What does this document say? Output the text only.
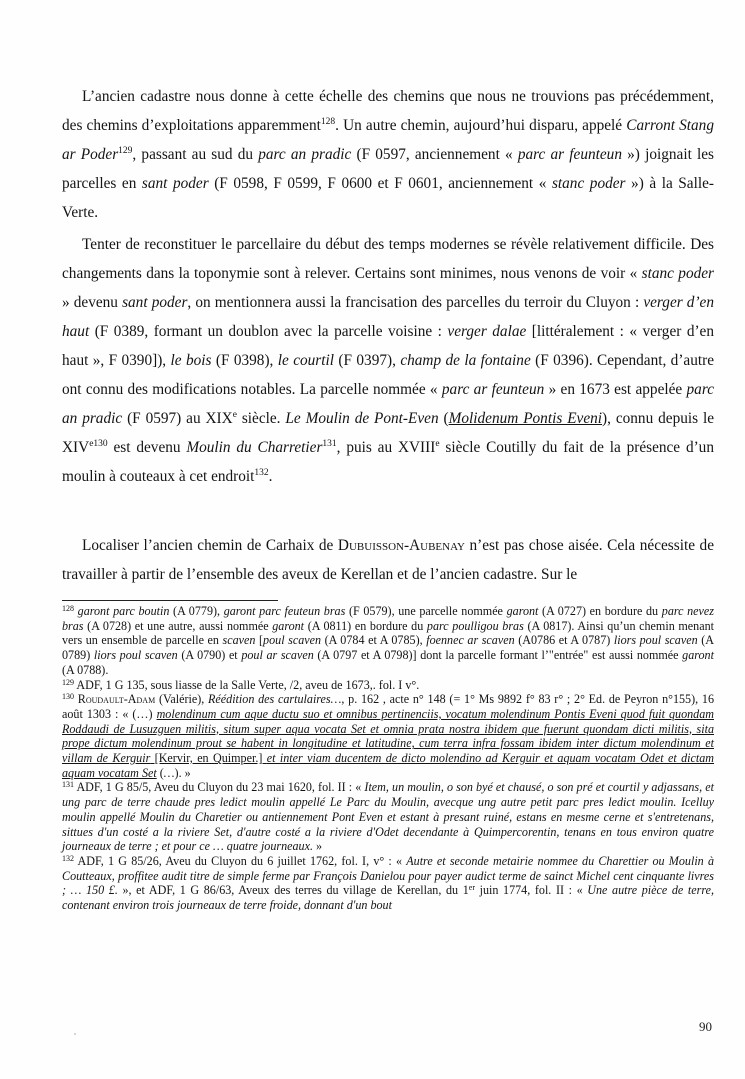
L’ancien cadastre nous donne à cette échelle des chemins que nous ne trouvions pas précédemment, des chemins d’exploitations apparemment$^{128}$. Un autre chemin, aujourd’hui disparu, appelé Carront Stang ar Poder$^{129}$, passant au sud du parc an pradic (F 0597, anciennement « parc ar feunteun ») joignait les parcelles en sant poder (F 0598, F 0599, F 0600 et F 0601, anciennement « stanc poder ») à la Salle-Verte.

Tenter de reconstituer le parcellaire du début des temps modernes se révèle relativement difficile. Des changements dans la toponymie sont à relever. Certains sont minimes, nous venons de voir « stanc poder » devenu sant poder, on mentionnera aussi la francisation des parcelles du terroir du Cluyon : verger d’en haut (F 0389, formant un doublon avec la parcelle voisine : verger dalae [littéralement : « verger d’en haut », F 0390]), le bois (F 0398), le courtil (F 0397), champ de la fontaine (F 0396). Cependant, d’autre ont connu des modifications notables. La parcelle nommée « parc ar feunteun » en 1673 est appelée parc an pradic (F 0597) au XIXe siècle. Le Moulin de Pont-Even (Molidenum Pontis Eveni), connu depuis le $XIV^{e130}$ est devenu Moulin du Charretier$^{131}$, puis au XVIIIe siècle Coutilly du fait de la présence d’un moulin à couteaux à cet endroit$^{132}$.

Localiser l’ancien chemin de Carhaix de Dubuisson-Aubenay n’est pas chose aisée. Cela nécessite de travailler à partir de l’ensemble des aveux de Kerellan et de l’ancien cadastre. Sur le

$^{128}$ garont parc boutin (A 0779), garont parc feuteun bras (F 0579), une parcelle nommée garont (A 0727) en bordure du parc nevez bras (A 0728) et une autre, aussi nommée garont (A 0811) en bordure du parc poulligou bras (A 0817). Ainsi qu’un chemin menant vers un ensemble de parcelle en scaven [poul scaven (A 0784 et A 0785), foennec ar scaven (A0786 et A 0787) liors poul scaven (A 0789) liors poul scaven (A 0790) et poul ar scaven (A 0797 et A 0798)] dont la parcelle formant l’"entrée" est aussi nommée garont (A 0788).

$^{129}$ ADF, 1 G 135, sous liasse de la Salle Verte, /2, aveu de 1673,. fol. I v°.

$^{130}$ Roudault-Adam (Valérie), Réédition des cartulaires…, p. 162 , acte n° 148 (= 1° Ms 9892 f° 83 r° ; 2° Ed. de Peyron n°155), 16 août 1303 : « (…) molendinum cum aque ductu suo et omnibus pertinenciis, vocatum molendinum Pontis Eveni quod fuit quondam Roddaudi de Lusuzguen militis, situm super aqua vocata Set et omnia prata nostra ibidem que fuerunt quondam dicti militis, sita prope dictum molendinum prout se habent in longitudine et latitudine, cum terra infra fossam ibidem inter dictum molendinum et villam de Kerguir [Kervir, en Quimper.] et inter viam ducentem de dicto molendino ad Kerguir et aquam vocatam Odet et dictam aquam vocatam Set (…). »

$^{131}$ ADF, 1 G 85/5, Aveu du Cluyon du 23 mai 1620, fol. II : « Item, un moulin, o son byé et chausé, o son pré et courtil y adjassans, et ung parc de terre chaude pres ledict moulin appellé Le Parc du Moulin, avecque ung autre petit parc pres ledict moulin. Icelluy moulin appellé Moulin du Charetier ou antiennement Pont Even et estant à presant ruiné, estans en mesme cerne et s'entretenans, sittues d'un costé a la riviere Set, d'autre costé a la riviere d'Odet decendante à Quimpercorentin, tenans en tous environ quatre journeaux de terre ; et pour ce … quatre journeaux. »

$^{132}$ ADF, 1 G 85/26, Aveu du Cluyon du 6 juillet 1762, fol. I, v° : « Autre et seconde metairie nommee du Charettier ou Moulin à Coutteaux, proffitee audit titre de simple ferme par François Danielou pour payer audict terme de sainct Michel cent cinquante livres ; … 150 £. », et ADF, 1 G 86/63, Aveux des terres du village de Kerellan, du 1er juin 1774, fol. II : « Une autre pièce de terre, contenant environ trois journeaux de terre froide, donnant d'un bout

90
